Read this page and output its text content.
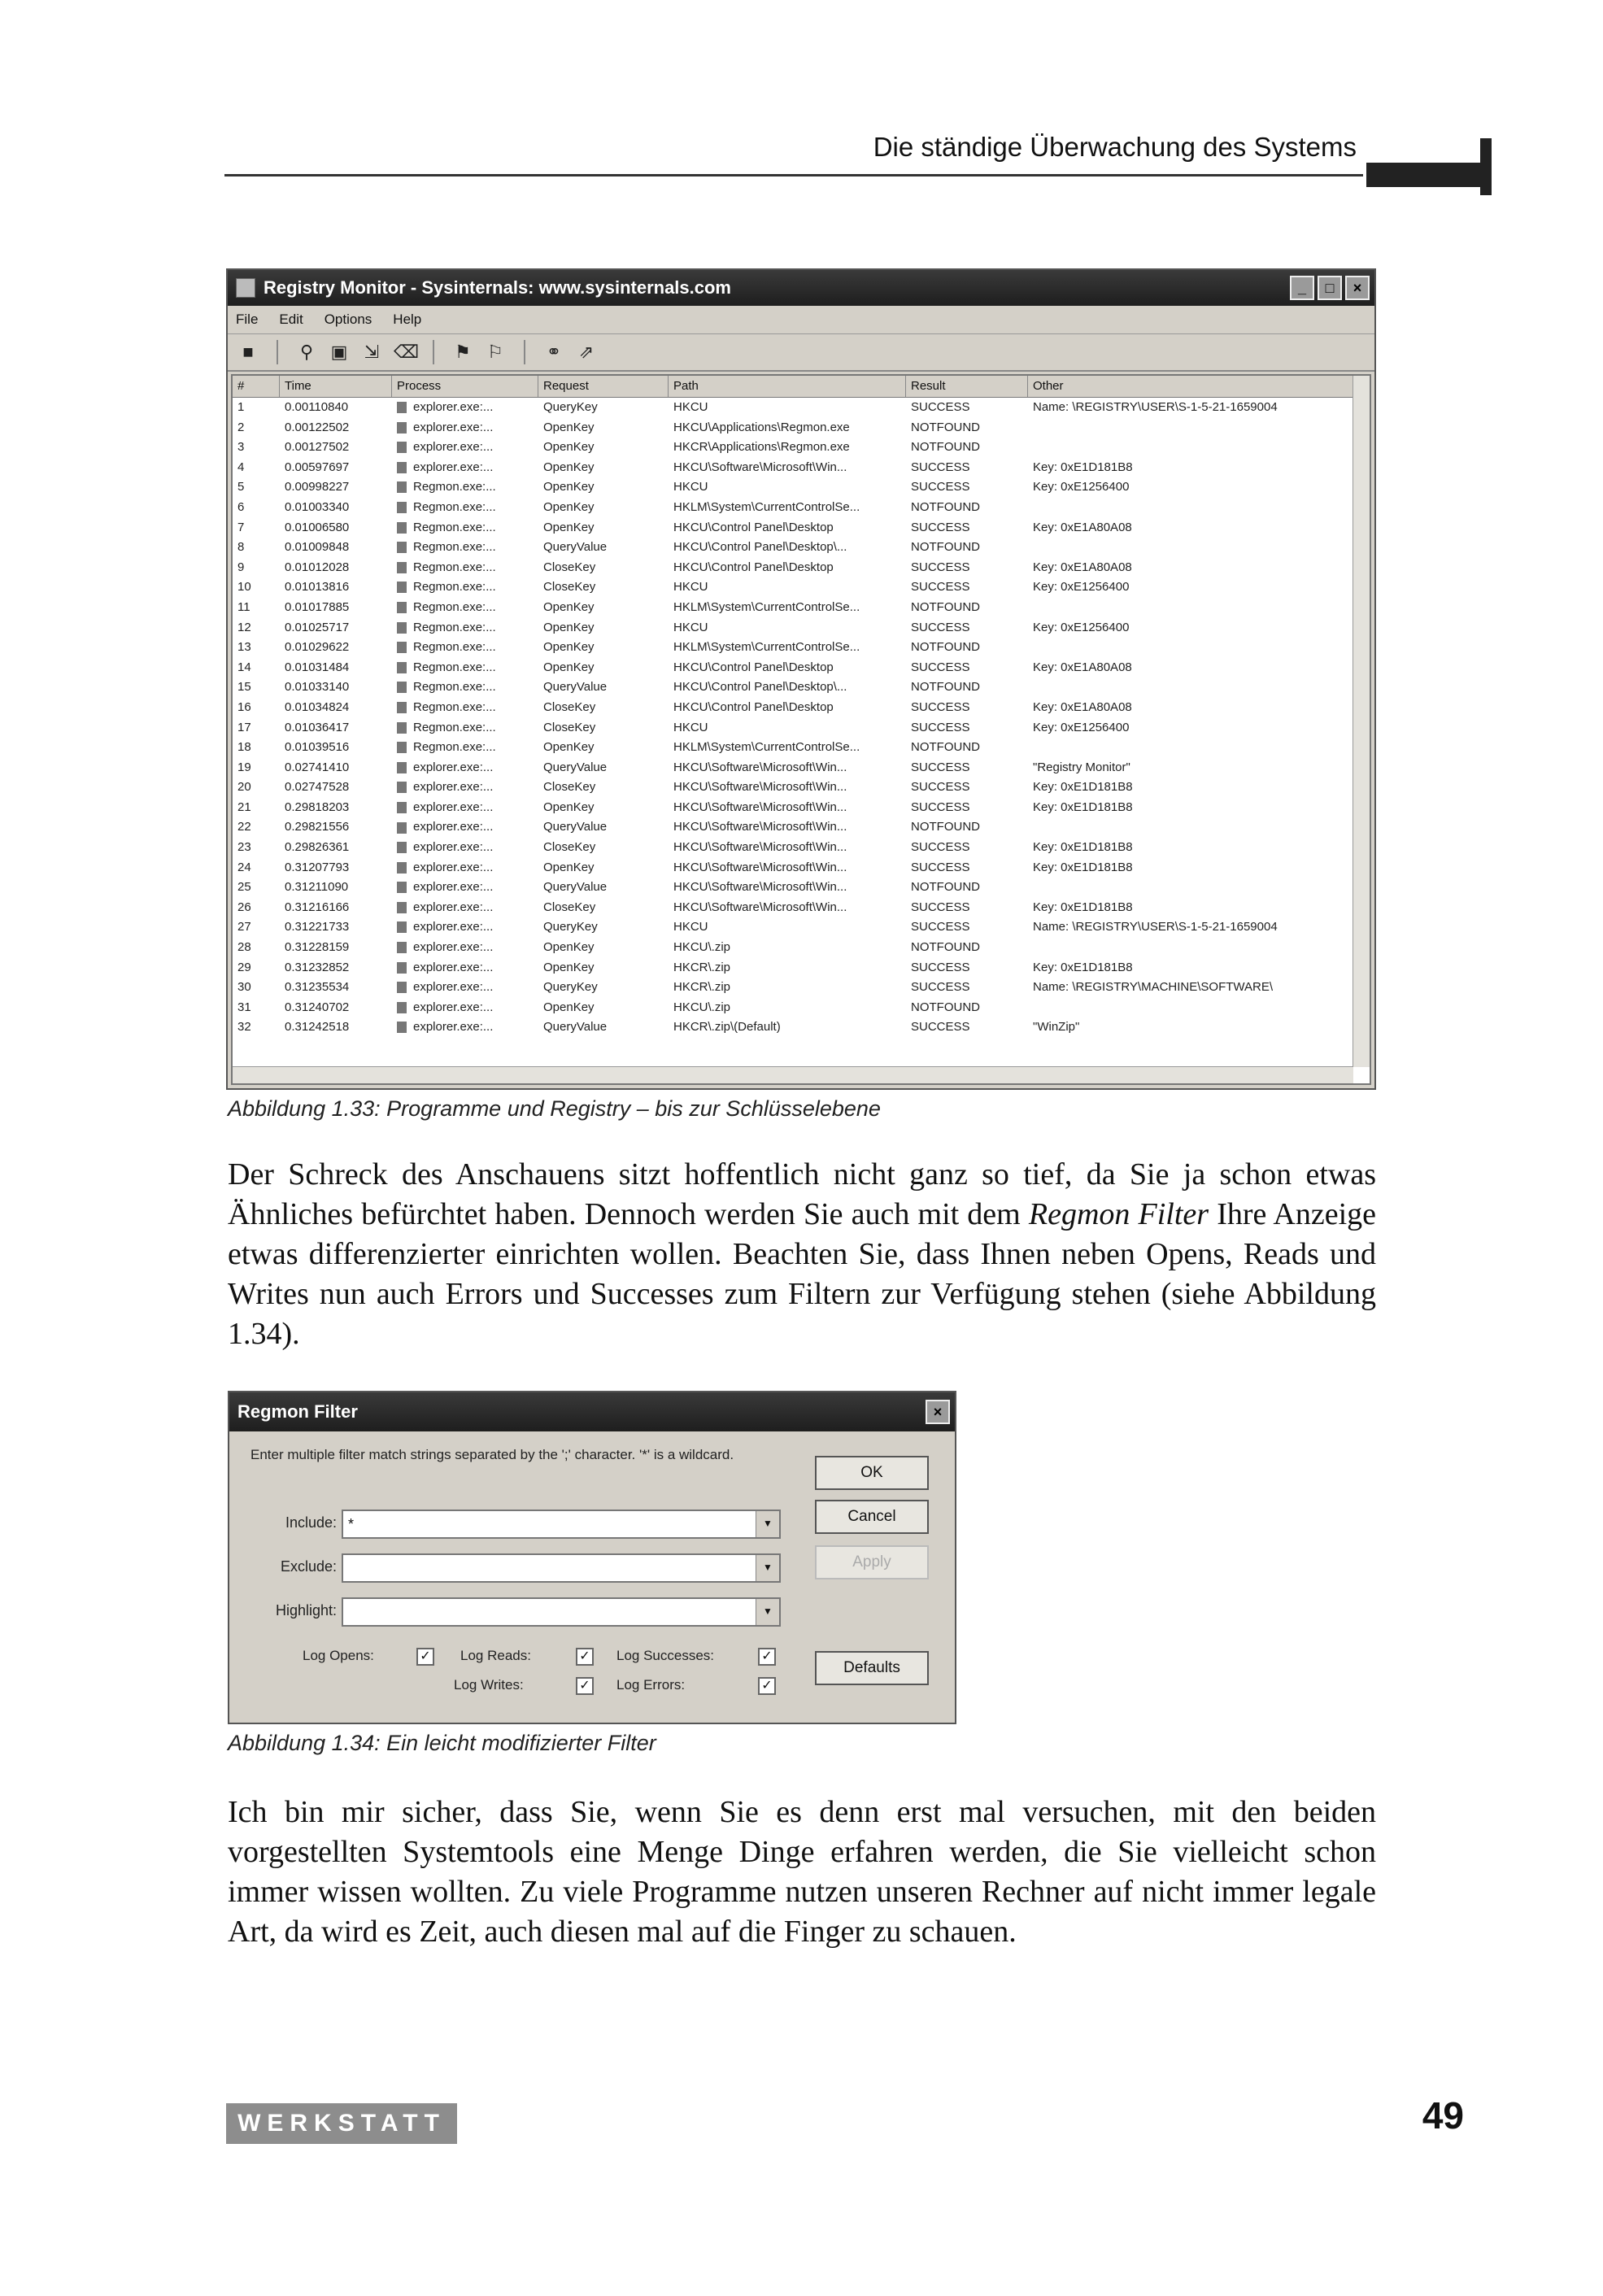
Die ständige Überwachung des Systems
Registry Monitor - Sysinternals: www.sysinternals.com	_	□	×
File Edit Options Help
■	⚲ ▣ ⇲ ⌫ ⚑ ⚐ ⚭ ⇗
#	Time	Process	Request	Path	Result	Other
1	0.00110840	explorer.exe:...	QueryKey	HKCU	SUCCESS	Name: \REGISTRY\USER\S-1-5-21-1659004
2	0.00122502	explorer.exe:...	OpenKey	HKCU\Applications\Regmon.exe	NOTFOUND
3	0.00127502	explorer.exe:...	OpenKey	HKCR\Applications\Regmon.exe	NOTFOUND
4	0.00597697	explorer.exe:...	OpenKey	HKCU\Software\Microsoft\Win...	SUCCESS	Key: 0xE1D181B8
5	0.00998227	Regmon.exe:...	OpenKey	HKCU	SUCCESS	Key: 0xE1256400
6	0.01003340	Regmon.exe:...	OpenKey	HKLM\System\CurrentControlSe...	NOTFOUND
7	0.01006580	Regmon.exe:...	OpenKey	HKCU\Control Panel\Desktop	SUCCESS	Key: 0xE1A80A08
8	0.01009848	Regmon.exe:...	QueryValue	HKCU\Control Panel\Desktop\...	NOTFOUND
9	0.01012028	Regmon.exe:...	CloseKey	HKCU\Control Panel\Desktop	SUCCESS	Key: 0xE1A80A08
10	0.01013816	Regmon.exe:...	CloseKey	HKCU	SUCCESS	Key: 0xE1256400
11	0.01017885	Regmon.exe:...	OpenKey	HKLM\System\CurrentControlSe...	NOTFOUND
12	0.01025717	Regmon.exe:...	OpenKey	HKCU	SUCCESS	Key: 0xE1256400
13	0.01029622	Regmon.exe:...	OpenKey	HKLM\System\CurrentControlSe...	NOTFOUND
14	0.01031484	Regmon.exe:...	OpenKey	HKCU\Control Panel\Desktop	SUCCESS	Key: 0xE1A80A08
15	0.01033140	Regmon.exe:...	QueryValue	HKCU\Control Panel\Desktop\...	NOTFOUND
16	0.01034824	Regmon.exe:...	CloseKey	HKCU\Control Panel\Desktop	SUCCESS	Key: 0xE1A80A08
17	0.01036417	Regmon.exe:...	CloseKey	HKCU	SUCCESS	Key: 0xE1256400
18	0.01039516	Regmon.exe:...	OpenKey	HKLM\System\CurrentControlSe...	NOTFOUND
19	0.02741410	explorer.exe:...	QueryValue	HKCU\Software\Microsoft\Win...	SUCCESS	"Registry Monitor"
20	0.02747528	explorer.exe:...	CloseKey	HKCU\Software\Microsoft\Win...	SUCCESS	Key: 0xE1D181B8
21	0.29818203	explorer.exe:...	OpenKey	HKCU\Software\Microsoft\Win...	SUCCESS	Key: 0xE1D181B8
22	0.29821556	explorer.exe:...	QueryValue	HKCU\Software\Microsoft\Win...	NOTFOUND
23	0.29826361	explorer.exe:...	CloseKey	HKCU\Software\Microsoft\Win...	SUCCESS	Key: 0xE1D181B8
24	0.31207793	explorer.exe:...	OpenKey	HKCU\Software\Microsoft\Win...	SUCCESS	Key: 0xE1D181B8
25	0.31211090	explorer.exe:...	QueryValue	HKCU\Software\Microsoft\Win...	NOTFOUND
26	0.31216166	explorer.exe:...	CloseKey	HKCU\Software\Microsoft\Win...	SUCCESS	Key: 0xE1D181B8
27	0.31221733	explorer.exe:...	QueryKey	HKCU	SUCCESS	Name: \REGISTRY\USER\S-1-5-21-1659004
28	0.31228159	explorer.exe:...	OpenKey	HKCU\.zip	NOTFOUND
29	0.31232852	explorer.exe:...	OpenKey	HKCR\.zip	SUCCESS	Key: 0xE1D181B8
30	0.31235534	explorer.exe:...	QueryKey	HKCR\.zip	SUCCESS	Name: \REGISTRY\MACHINE\SOFTWARE\
31	0.31240702	explorer.exe:...	OpenKey	HKCU\.zip	NOTFOUND
32	0.31242518	explorer.exe:...	QueryValue	HKCR\.zip\(Default)	SUCCESS	"WinZip"
Abbildung 1.33: Programme und Registry – bis zur Schlüsselebene
Der Schreck des Anschauens sitzt hoffentlich nicht ganz so tief, da Sie ja schon etwas Ähnliches befürchtet haben. Dennoch werden Sie auch mit dem Regmon Filter Ihre Anzeige etwas differenzierter einrichten wollen. Beachten Sie, dass Ihnen neben Opens, Reads und Writes nun auch Errors und Successes zum Filtern zur Verfügung stehen (siehe Abbildung 1.34).
Regmon Filter	×
Enter multiple filter match strings separated by the ';' character. '*' is a wildcard.
Include: *	▼
Exclude:	▼
Highlight:	▼
OK
Cancel
Apply
Defaults
Log Opens:	✓ Log Reads:	✓
Log Writes:	✓
Log Successes:	✓
Log Errors:	✓
Abbildung 1.34: Ein leicht modifizierter Filter
Ich bin mir sicher, dass Sie, wenn Sie es denn erst mal versuchen, mit den beiden vorgestellten Systemtools eine Menge Dinge erfahren werden, die Sie vielleicht schon immer wissen wollten. Zu viele Programme nutzen unseren Rechner auf nicht immer legale Art, da wird es Zeit, auch diesen mal auf die Finger zu schauen.
WERKSTATT	49
